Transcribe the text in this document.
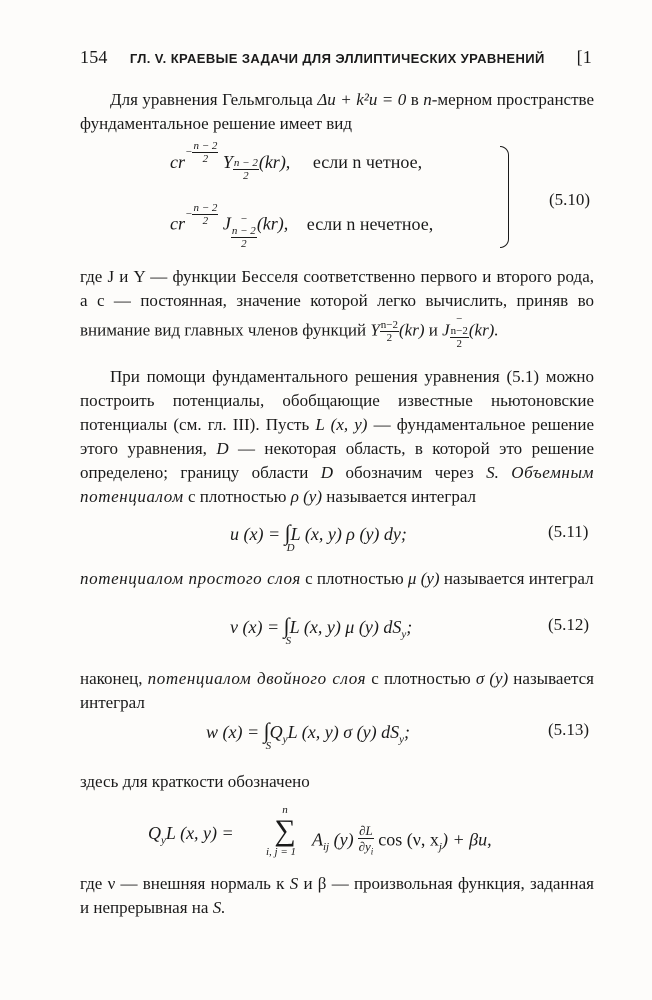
154 ГЛ. V. КРАЕВЫЕ ЗАДАЧИ ДЛЯ ЭЛЛИПТИЧЕСКИХ УРАВНЕНИЙ [1
Для уравнения Гельмгольца Δu + k²u = 0 в n-мерном пространстве фундаментальное решение имеет вид
$cr^{- \frac{n - 2}{2}}$ Y $_{\frac{n - 2}{2}}$ (kr), если n четное,
$cr^{- \frac{n - 2}{2}}$ J $_{- n - 2 2}$
(kr), если n нечетное,
(5.10)
где J и Y — функции Бесселя соответственно первого и второго рода, а c — постоянная, значение которой легко вычислить, приняв во внимание вид главных членов функций Y $\frac{n-2}{2} (kr)$ и J−
n−2
2
(kr).
При помощи фундаментального решения уравнения (5.1) можно построить потенциалы, обобщающие известные ньютоновские потенциалы (см. гл. III). Пусть L (x, y) — фундаментальное решение этого уравнения, D — некоторая область, в которой это решение определено; границу области D обозначим через S. Объемным потенциалом с плотностью ρ (y) называется интеграл
u (x) = ∫
D
L (x, y) ρ (y) dy;	(5.11)
потенциалом простого слоя с плотностью μ (y) называется интеграл
v (x) = ∫
S
L (x, y) μ (y) $dS_y$;	(5.12)
наконец, потенциалом двойного слоя с плотностью σ (y) называется интеграл
w (x) = ∫
S
$Q_yL$ (x, y) σ (y) $dS_y$;	(5.13)
здесь для краткости обозначено
$Q_yL$ (x, y) =
n
∑
i, j = 1
$A_{ij}$ $(y) \frac{\partial L}{\partial y_i}$ cos (ν, $x_j) + \beta u$,
где ν — внешняя нормаль к S и β — произвольная функция, заданная и непрерывная на S.
